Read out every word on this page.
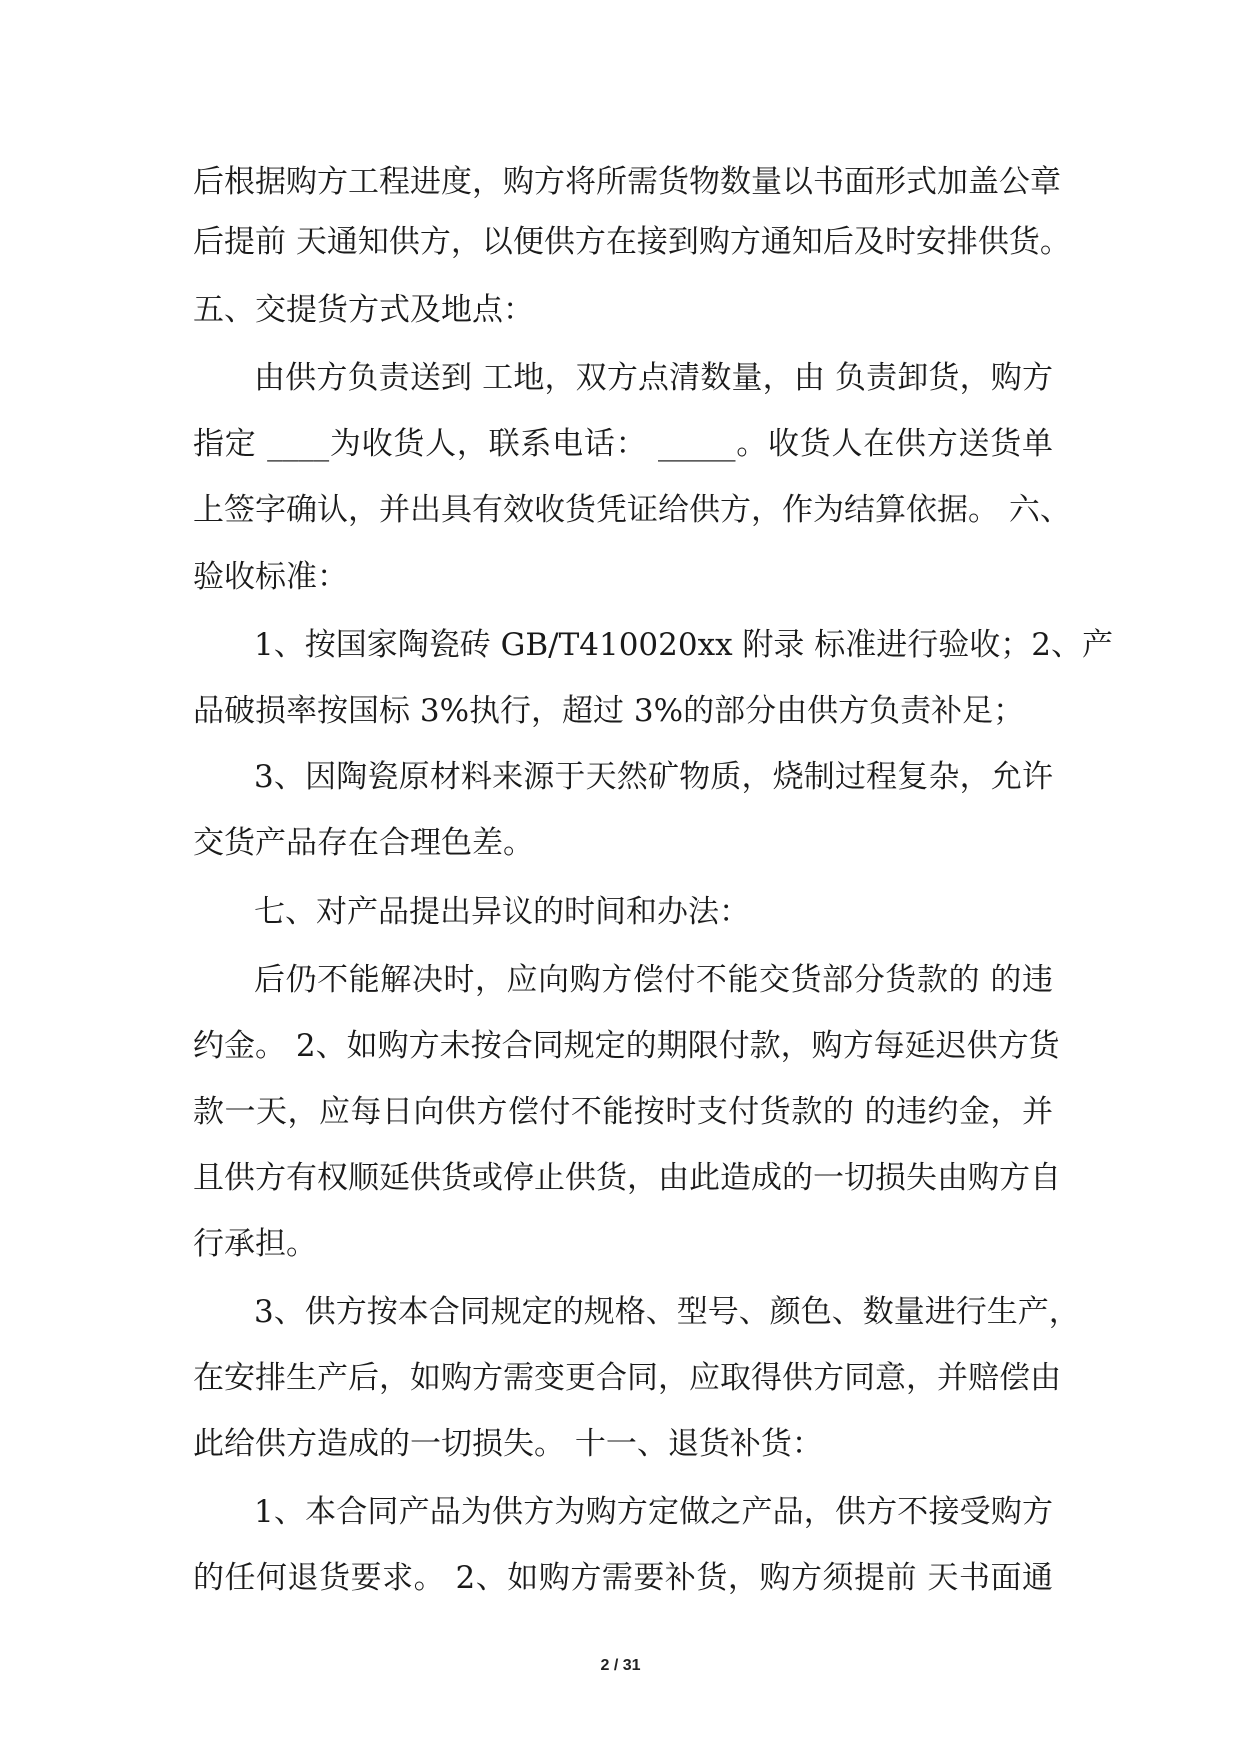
后根据购方工程进度，购方将所需货物数量以书面形式加盖公章
后提前 天通知供方，以便供方在接到购方通知后及时安排供货。
五、交提货方式及地点：
由供方负责送到 工地，双方点清数量，由 负责卸货，购方
指定 ____为收货人，联系电话： _____。收货人在供方送货单
上签字确认，并出具有效收货凭证给供方，作为结算依据。 六、
验收标准：
1、按国家陶瓷砖 GB/T410020xx 附录 标准进行验收；2、产
品破损率按国标 3%执行，超过 3%的部分由供方负责补足；
3、因陶瓷原材料来源于天然矿物质，烧制过程复杂，允许
交货产品存在合理色差。
七、对产品提出异议的时间和办法：
后仍不能解决时，应向购方偿付不能交货部分货款的 的违
约金。 2、如购方未按合同规定的期限付款，购方每延迟供方货
款一天，应每日向供方偿付不能按时支付货款的 的违约金，并
且供方有权顺延供货或停止供货，由此造成的一切损失由购方自
行承担。
3、供方按本合同规定的规格、型号、颜色、数量进行生产，
在安排生产后，如购方需变更合同，应取得供方同意，并赔偿由
此给供方造成的一切损失。 十一、退货补货：
1、本合同产品为供方为购方定做之产品，供方不接受购方
的任何退货要求。 2、如购方需要补货，购方须提前 天书面通
2 / 31
